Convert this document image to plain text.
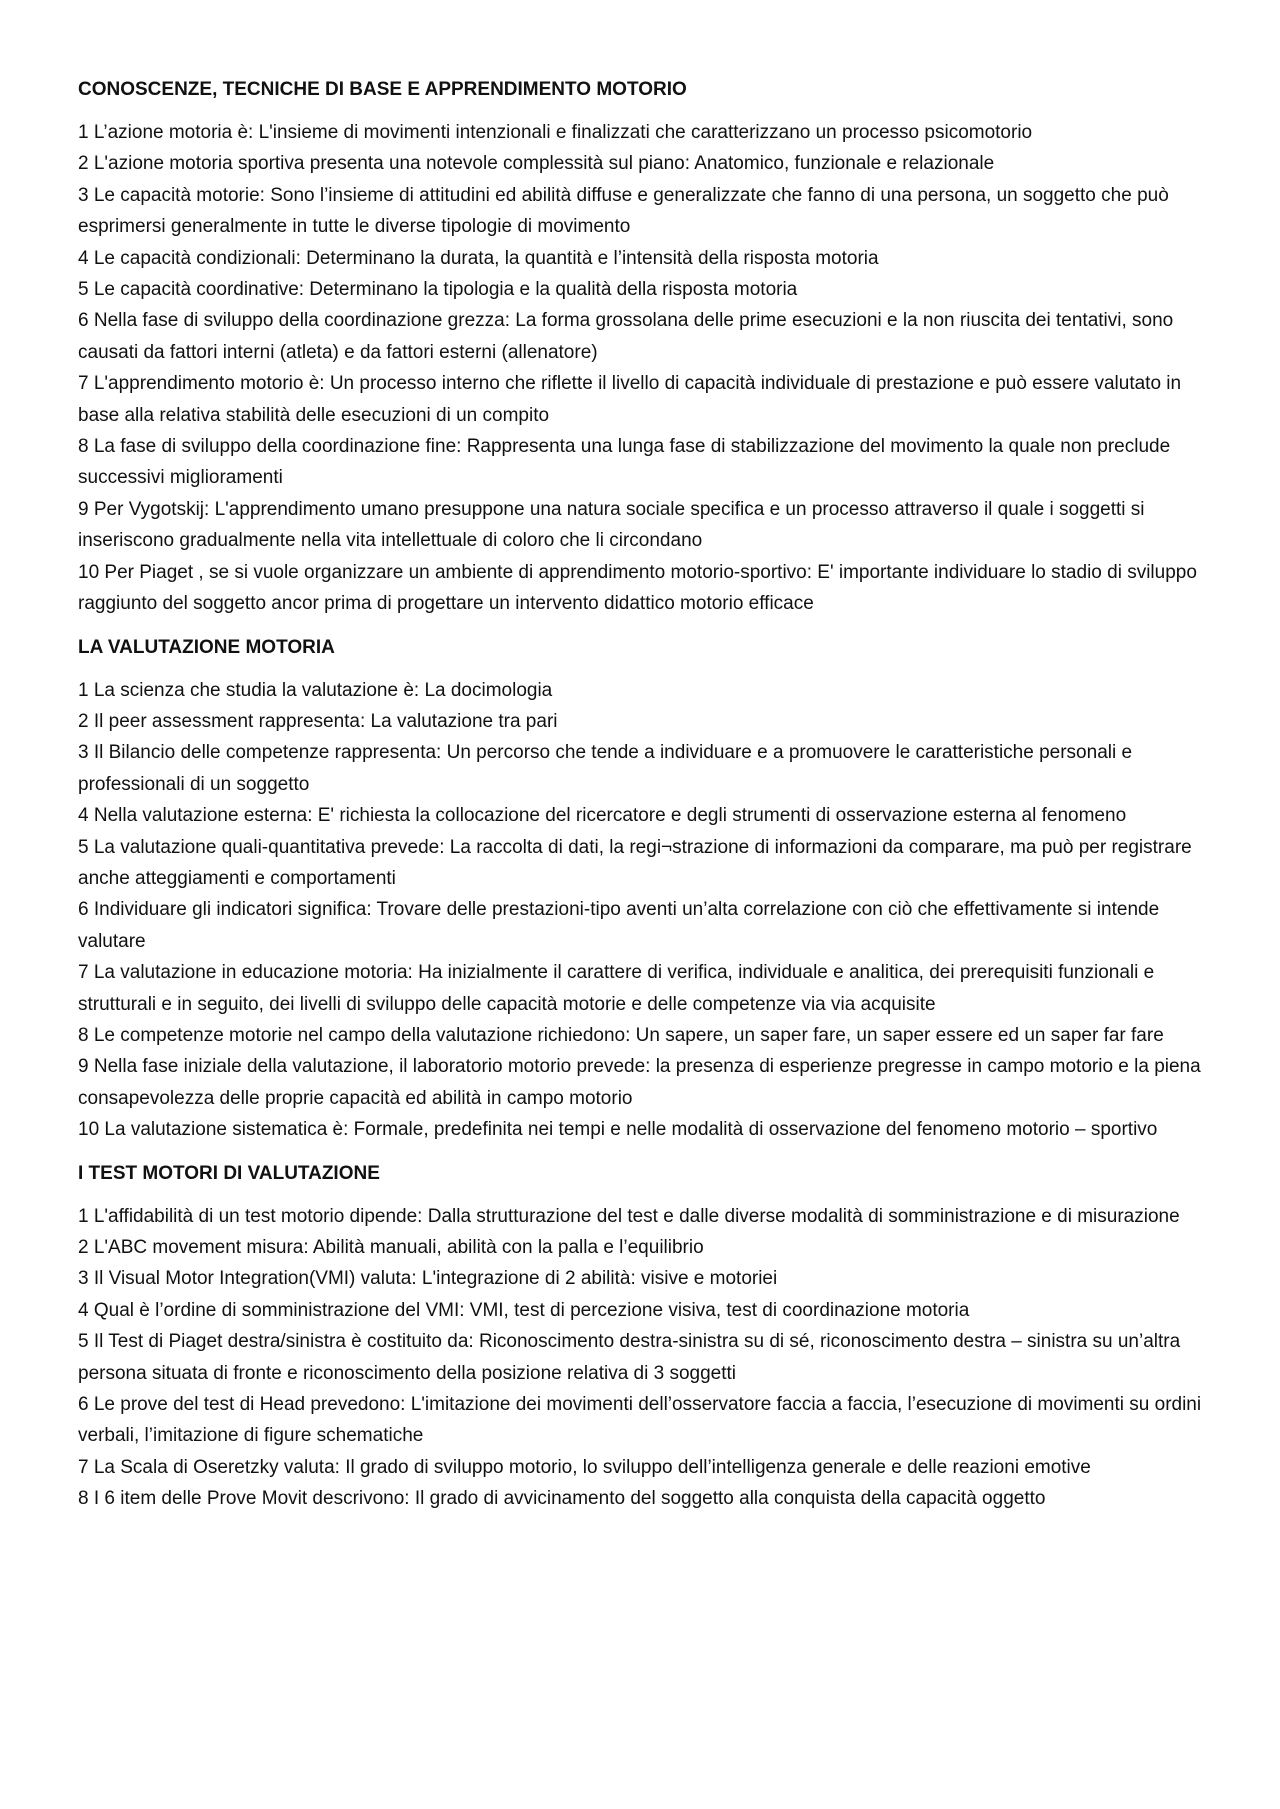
CONOSCENZE, TECNICHE DI BASE E APPRENDIMENTO MOTORIO
1 L’azione motoria è: L'insieme di movimenti intenzionali e finalizzati che caratterizzano un processo psicomotorio
2 L'azione motoria sportiva presenta una notevole complessità sul piano: Anatomico, funzionale e relazionale
3 Le capacità motorie: Sono l’insieme di attitudini ed abilità diffuse e generalizzate che fanno di una persona, un soggetto che può esprimersi generalmente in tutte le diverse tipologie di movimento
4 Le capacità condizionali: Determinano la durata, la quantità e l’intensità della risposta motoria
5 Le capacità coordinative: Determinano la tipologia e la qualità della risposta motoria
6 Nella fase di sviluppo della coordinazione grezza: La forma grossolana delle prime esecuzioni e la non riuscita dei tentativi, sono causati da fattori interni (atleta) e da fattori esterni (allenatore)
7 L'apprendimento motorio è: Un processo interno che riflette il livello di capacità individuale di prestazione e può essere valutato in base alla relativa stabilità delle esecuzioni di un compito
8 La fase di sviluppo della coordinazione fine: Rappresenta una lunga fase di stabilizzazione del movimento la quale non preclude successivi miglioramenti
9 Per Vygotskij: L'apprendimento umano presuppone una natura sociale specifica e un processo attraverso il quale i soggetti si inseriscono gradualmente nella vita intellettuale di coloro che li circondano
10 Per Piaget , se si vuole organizzare un ambiente di apprendimento motorio-sportivo: E' importante individuare lo stadio di sviluppo raggiunto del soggetto ancor prima di progettare un intervento didattico motorio efficace
LA VALUTAZIONE MOTORIA
1 La scienza che studia la valutazione è: La docimologia
2 Il peer assessment rappresenta: La valutazione tra pari
3 Il Bilancio delle competenze rappresenta: Un percorso che tende a individuare e a promuovere le caratteristiche personali e professionali di un soggetto
4 Nella valutazione esterna: E' richiesta la collocazione del ricercatore e degli strumenti di osservazione esterna al fenomeno
5 La valutazione quali-quantitativa prevede: La raccolta di dati, la regi¬strazione di informazioni da comparare, ma può per registrare anche atteggiamenti e comportamenti
6 Individuare gli indicatori significa: Trovare delle prestazioni-tipo aventi un’alta correlazione con ciò che effettivamente si intende valutare
7 La valutazione in educazione motoria: Ha inizialmente il carattere di verifica, individuale e analitica, dei prerequisiti funzionali e strutturali e in seguito, dei livelli di sviluppo delle capacità motorie e delle competenze via via acquisite
8 Le competenze motorie nel campo della valutazione richiedono: Un sapere, un saper fare, un saper essere ed un saper far fare
9 Nella fase iniziale della valutazione, il laboratorio motorio prevede: la presenza di esperienze pregresse in campo motorio e la piena consapevolezza delle proprie capacità ed abilità in campo motorio
10 La valutazione sistematica è: Formale, predefinita nei tempi e nelle modalità di osservazione del fenomeno motorio – sportivo
I TEST MOTORI DI VALUTAZIONE
1 L'affidabilità di un test motorio dipende: Dalla strutturazione del test e dalle diverse modalità di somministrazione e di misurazione
2 L'ABC movement misura: Abilità manuali, abilità con la palla e l’equilibrio
3 Il Visual Motor Integration(VMI) valuta: L'integrazione di 2 abilità: visive e motoriei
4 Qual è l’ordine di somministrazione del VMI: VMI, test di percezione visiva, test di coordinazione motoria
5 Il Test di Piaget destra/sinistra è costituito da: Riconoscimento destra-sinistra su di sé, riconoscimento destra – sinistra su un’altra persona situata di fronte e riconoscimento della posizione relativa di 3 soggetti
6 Le prove del test di Head prevedono: L'imitazione dei movimenti dell’osservatore faccia a faccia, l’esecuzione di movimenti su ordini verbali, l’imitazione di figure schematiche
7 La Scala di Oseretzky valuta: Il grado di sviluppo motorio, lo sviluppo dell’intelligenza generale e delle reazioni emotive
8 I 6 item delle Prove Movit descrivono: Il grado di avvicinamento del soggetto alla conquista della capacità oggetto
